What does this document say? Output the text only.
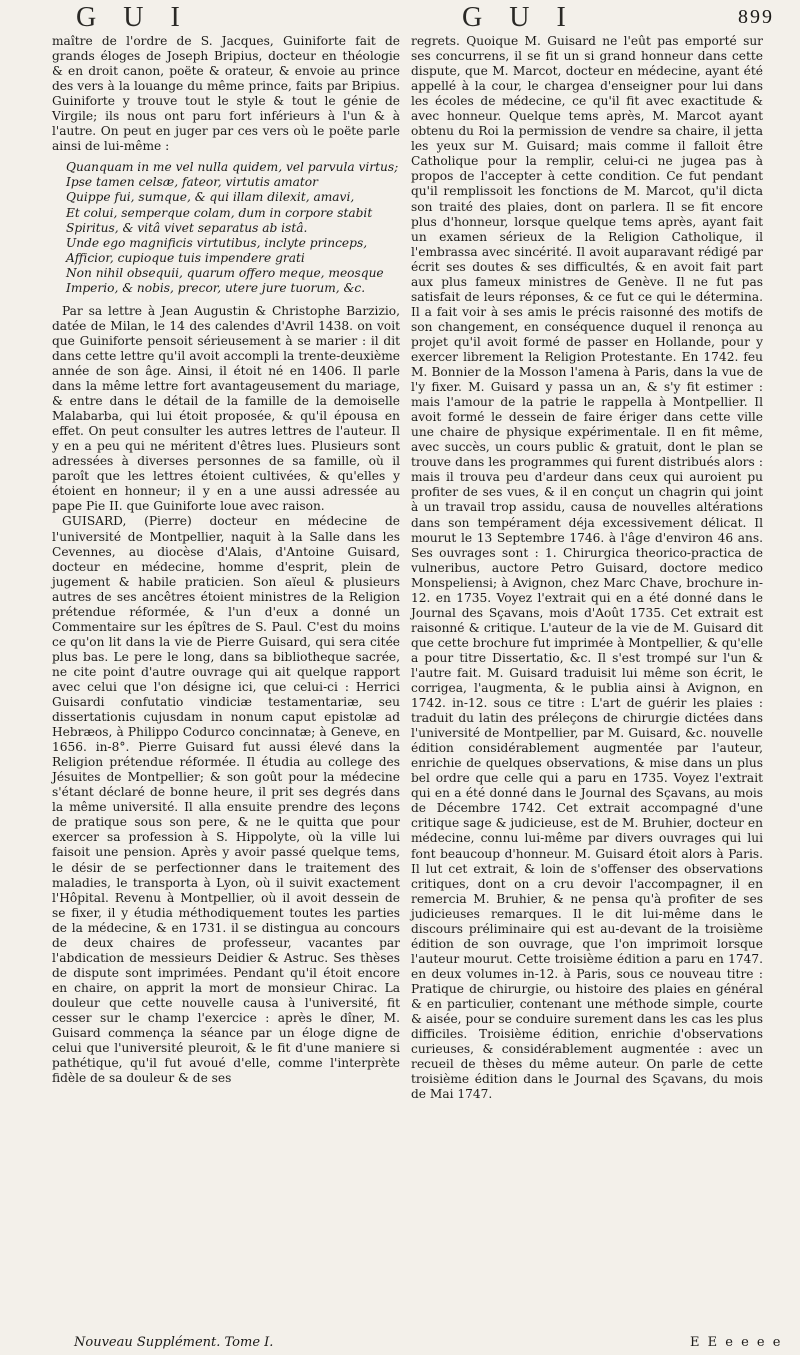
G U I	G U I	899

maître de l'ordre de S. Jacques, Guiniforte fait de grands éloges de Joseph Bripius, docteur en théologie & en droit canon, poëte & orateur, & envoie au prince des vers à la louange du même prince, faits par Bripius. Guiniforte y trouve tout le style & tout le génie de Virgile; ils nous ont paru fort inférieurs à l'un & à l'autre. On peut en juger par ces vers où le poëte parle ainsi de lui-même :

Quanquam in me vel nulla quidem, vel parvula virtus;
Ipse tamen celsæ, fateor, virtutis amator
Quippe fui, sumque, & qui illam dilexit, amavi,
Et colui, semperque colam, dum in corpore stabit
Spiritus, & vitâ vivet separatus ab istâ.
Unde ego magnificis virtutibus, inclyte princeps,
Afficior, cupioque tuis impendere grati
Non nihil obsequii, quarum offero meque, meosque
Imperio, & nobis, precor, utere jure tuorum, &c.

Par sa lettre à Jean Augustin & Christophe Barzizio, datée de Milan, le 14 des calendes d'Avril 1438. on voit que Guiniforte pensoit sérieusement à se marier : il dit dans cette lettre qu'il avoit accompli la trente-deuxième année de son âge. Ainsi, il étoit né en 1406. Il parle dans la même lettre fort avantageusement du mariage, & entre dans le détail de la famille de la demoiselle Malabarba, qui lui étoit proposée, & qu'il épousa en effet. On peut consulter les autres lettres de l'auteur. Il y en a peu qui ne méritent d'êtres lues. Plusieurs sont adressées à diverses personnes de sa famille, où il paroît que les lettres étoient cultivées, & qu'elles y étoient en honneur; il y en a une aussi adressée au pape Pie II. que Guiniforte loue avec raison.

GUISARD, (Pierre) docteur en médecine de l'université de Montpellier, naquit à la Salle dans les Cevennes, au diocèse d'Alais, d'Antoine Guisard, docteur en médecine, homme d'esprit, plein de jugement & habile praticien. Son aïeul & plusieurs autres de ses ancêtres étoient ministres de la Religion prétendue réformée, & l'un d'eux a donné un Commentaire sur les épîtres de S. Paul. C'est du moins ce qu'on lit dans la vie de Pierre Guisard, qui sera citée plus bas. Le pere le long, dans sa bibliotheque sacrée, ne cite point d'autre ouvrage qui ait quelque rapport avec celui que l'on désigne ici, que celui-ci : Herrici Guisardi confutatio vindiciæ testamentariæ, seu dissertationis cujusdam in nonum caput epistolæ ad Hebræos, à Philippo Codurco concinnatæ; à Geneve, en 1656. in-8°. Pierre Guisard fut aussi élevé dans la Religion prétendue réformée. Il étudia au college des Jésuites de Montpellier; & son goût pour la médecine s'étant déclaré de bonne heure, il prit ses degrés dans la même université. Il alla ensuite prendre des leçons de pratique sous son pere, & ne le quitta que pour exercer sa profession à S. Hippolyte, où la ville lui faisoit une pension. Après y avoir passé quelque tems, le désir de se perfectionner dans le traitement des maladies, le transporta à Lyon, où il suivit exactement l'Hôpital. Revenu à Montpellier, où il avoit dessein de se fixer, il y étudia méthodiquement toutes les parties de la médecine, & en 1731. il se distingua au concours de deux chaires de professeur, vacantes par l'abdication de messieurs Deidier & Astruc. Ses thèses de dispute sont imprimées. Pendant qu'il étoit encore en chaire, on apprit la mort de monsieur Chirac. La douleur que cette nouvelle causa à l'université, fit cesser sur le champ l'exercice : après le dîner, M. Guisard commença la séance par un éloge digne de celui que l'université pleuroit, & le fit d'une maniere si pathétique, qu'il fut avoué d'elle, comme l'interprète fidèle de sa douleur & de ses

regrets. Quoique M. Guisard ne l'eût pas emporté sur ses concurrens, il se fit un si grand honneur dans cette dispute, que M. Marcot, docteur en médecine, ayant été appellé à la cour, le chargea d'enseigner pour lui dans les écoles de médecine, ce qu'il fit avec exactitude & avec honneur. Quelque tems après, M. Marcot ayant obtenu du Roi la permission de vendre sa chaire, il jetta les yeux sur M. Guisard; mais comme il falloit être Catholique pour la remplir, celui-ci ne jugea pas à propos de l'accepter à cette condition. Ce fut pendant qu'il remplissoit les fonctions de M. Marcot, qu'il dicta son traité des plaies, dont on parlera. Il se fit encore plus d'honneur, lorsque quelque tems après, ayant fait un examen sérieux de la Religion Catholique, il l'embrassa avec sincérité. Il avoit auparavant rédigé par écrit ses doutes & ses difficultés, & en avoit fait part aux plus fameux ministres de Genève. Il ne fut pas satisfait de leurs réponses, & ce fut ce qui le détermina. Il a fait voir à ses amis le précis raisonné des motifs de son changement, en conséquence duquel il renonça au projet qu'il avoit formé de passer en Hollande, pour y exercer librement la Religion Protestante. En 1742. feu M. Bonnier de la Mosson l'amena à Paris, dans la vue de l'y fixer. M. Guisard y passa un an, & s'y fit estimer : mais l'amour de la patrie le rappella à Montpellier. Il avoit formé le dessein de faire ériger dans cette ville une chaire de physique expérimentale. Il en fit même, avec succès, un cours public & gratuit, dont le plan se trouve dans les programmes qui furent distribués alors : mais il trouva peu d'ardeur dans ceux qui auroient pu profiter de ses vues, & il en conçut un chagrin qui joint à un travail trop assidu, causa de nouvelles altérations dans son tempérament déja excessivement délicat. Il mourut le 13 Septembre 1746. à l'âge d'environ 46 ans. Ses ouvrages sont : 1. Chirurgica theorico-practica de vulneribus, auctore Petro Guisard, doctore medico Monspeliensi; à Avignon, chez Marc Chave, brochure in-12. en 1735. Voyez l'extrait qui en a été donné dans le Journal des Sçavans, mois d'Août 1735. Cet extrait est raisonné & critique. L'auteur de la vie de M. Guisard dit que cette brochure fut imprimée à Montpellier, & qu'elle a pour titre Dissertatio, &c. Il s'est trompé sur l'un & l'autre fait. M. Guisard traduisit lui même son écrit, le corrigea, l'augmenta, & le publia ainsi à Avignon, en 1742. in-12. sous ce titre : L'art de guérir les plaies : traduit du latin des préleçons de chirurgie dictées dans l'université de Montpellier, par M. Guisard, &c. nouvelle édition considérablement augmentée par l'auteur, enrichie de quelques observations, & mise dans un plus bel ordre que celle qui a paru en 1735. Voyez l'extrait qui en a été donné dans le Journal des Sçavans, au mois de Décembre 1742. Cet extrait accompagné d'une critique sage & judicieuse, est de M. Bruhier, docteur en médecine, connu lui-même par divers ouvrages qui lui font beaucoup d'honneur. M. Guisard étoit alors à Paris. Il lut cet extrait, & loin de s'offenser des observations critiques, dont on a cru devoir l'accompagner, il en remercia M. Bruhier, & ne pensa qu'à profiter de ses judicieuses remarques. Il le dit lui-même dans le discours préliminaire qui est au-devant de la troisième édition de son ouvrage, que l'on imprimoit lorsque l'auteur mourut. Cette troisième édition a paru en 1747. en deux volumes in-12. à Paris, sous ce nouveau titre : Pratique de chirurgie, ou histoire des plaies en général & en particulier, contenant une méthode simple, courte & aisée, pour se conduire surement dans les cas les plus difficiles. Troisième édition, enrichie d'observations curieuses, & considérablement augmentée : avec un recueil de thèses du même auteur. On parle de cette troisième édition dans le Journal des Sçavans, du mois de Mai 1747.

Nouveau Supplément. Tome I.	E E e e e e
